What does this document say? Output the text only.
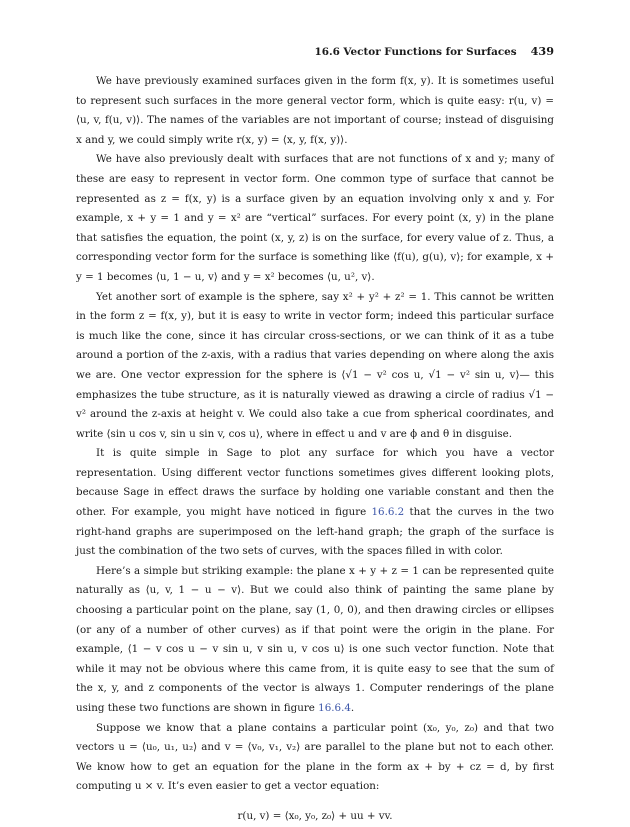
16.6 Vector Functions for Surfaces 439

We have previously examined surfaces given in the form f(x, y). It is sometimes useful to represent such surfaces in the more general vector form, which is quite easy: r(u, v) = ⟨u, v, f(u, v)⟩. The names of the variables are not important of course; instead of disguising x and y, we could simply write r(x, y) = ⟨x, y, f(x, y)⟩.

We have also previously dealt with surfaces that are not functions of x and y; many of these are easy to represent in vector form. One common type of surface that cannot be represented as z = f(x, y) is a surface given by an equation involving only x and y. For example, x + y = 1 and y = x² are “vertical” surfaces. For every point (x, y) in the plane that satisfies the equation, the point (x, y, z) is on the surface, for every value of z. Thus, a corresponding vector form for the surface is something like ⟨f(u), g(u), v⟩; for example, x + y = 1 becomes ⟨u, 1 − u, v⟩ and y = x² becomes ⟨u, u², v⟩.

Yet another sort of example is the sphere, say x² + y² + z² = 1. This cannot be written in the form z = f(x, y), but it is easy to write in vector form; indeed this particular surface is much like the cone, since it has circular cross-sections, or we can think of it as a tube around a portion of the z-axis, with a radius that varies depending on where along the axis we are. One vector expression for the sphere is ⟨√1 − v² cos u, √1 − v² sin u, v⟩— this emphasizes the tube structure, as it is naturally viewed as drawing a circle of radius √1 − v² around the z-axis at height v. We could also take a cue from spherical coordinates, and write ⟨sin u cos v, sin u sin v, cos u⟩, where in effect u and v are ϕ and θ in disguise.

It is quite simple in Sage to plot any surface for which you have a vector representation. Using different vector functions sometimes gives different looking plots, because Sage in effect draws the surface by holding one variable constant and then the other. For example, you might have noticed in figure 16.6.2 that the curves in the two right-hand graphs are superimposed on the left-hand graph; the graph of the surface is just the combination of the two sets of curves, with the spaces filled in with color.

Here’s a simple but striking example: the plane x + y + z = 1 can be represented quite naturally as ⟨u, v, 1 − u − v⟩. But we could also think of painting the same plane by choosing a particular point on the plane, say (1, 0, 0), and then drawing circles or ellipses (or any of a number of other curves) as if that point were the origin in the plane. For example, ⟨1 − v cos u − v sin u, v sin u, v cos u⟩ is one such vector function. Note that while it may not be obvious where this came from, it is quite easy to see that the sum of the x, y, and z components of the vector is always 1. Computer renderings of the plane using these two functions are shown in figure 16.6.4.

Suppose we know that a plane contains a particular point (x₀, y₀, z₀) and that two vectors u = ⟨u₀, u₁, u₂⟩ and v = ⟨v₀, v₁, v₂⟩ are parallel to the plane but not to each other. We know how to get an equation for the plane in the form ax + by + cz = d, by first computing u × v. It’s even easier to get a vector equation:

r(u, v) = ⟨x₀, y₀, z₀⟩ + uu + vv.
